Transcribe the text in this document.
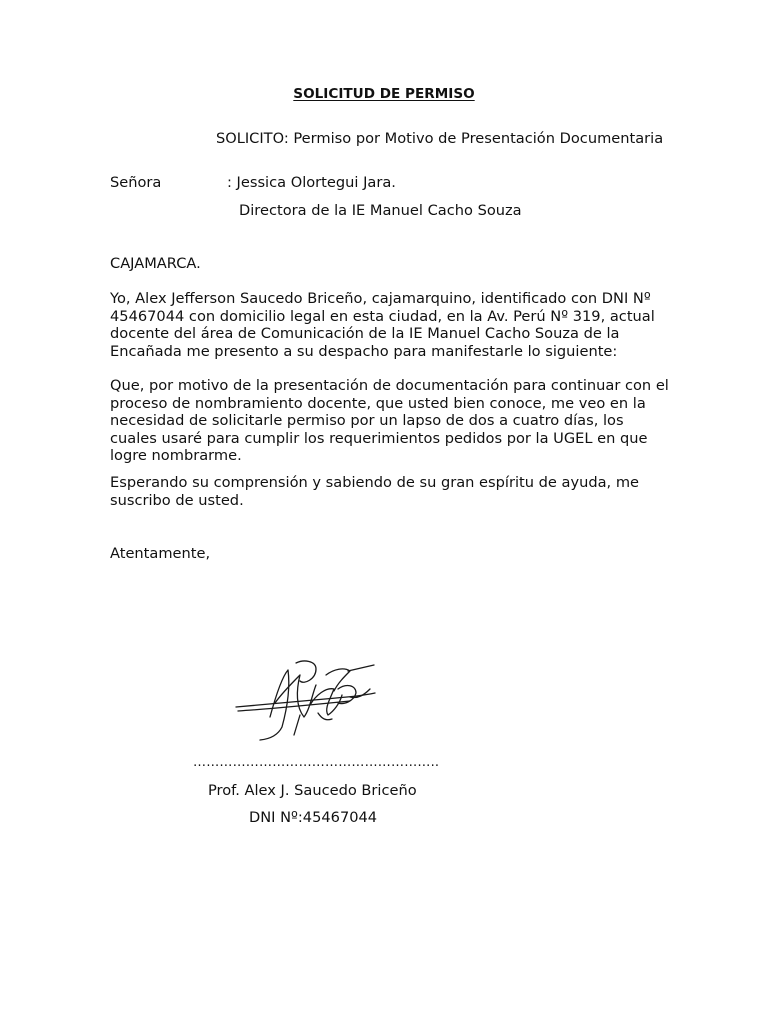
SOLICITUD DE PERMISO
SOLICITO: Permiso por Motivo de Presentación Documentaria
Señora	: Jessica Olortegui Jara.
Directora de la IE Manuel Cacho Souza
CAJAMARCA.

Yo, Alex Jefferson Saucedo Briceño, cajamarquino, identificado con DNI Nº
45467044 con domicilio legal en esta ciudad, en la Av. Perú Nº 319, actual
docente del área de Comunicación de la IE Manuel Cacho Souza de la
Encañada me presento a su despacho para manifestarle lo siguiente:

Que, por motivo de la presentación de documentación para continuar con el
proceso de nombramiento docente, que usted bien conoce, me veo en la
necesidad de solicitarle permiso por un lapso de dos a cuatro días, los
cuales usaré para cumplir los requerimientos pedidos por la UGEL en que
logre nombrarme.

Esperando su comprensión y sabiendo de su gran espíritu de ayuda, me
suscribo de usted.

Atentamente,
………………………………………………..
Prof. Alex J. Saucedo Briceño
DNI Nº:45467044
